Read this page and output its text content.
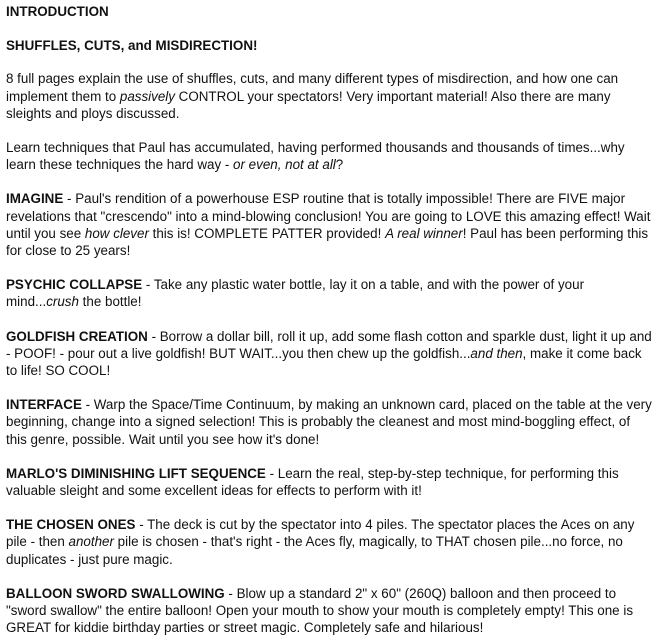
INTRODUCTION

SHUFFLES, CUTS, and MISDIRECTION!

8 full pages explain the use of shuffles, cuts, and many different types of misdirection, and how one can implement them to passively CONTROL your spectators! Very important material! Also there are many sleights and ploys discussed.

Learn techniques that Paul has accumulated, having performed thousands and thousands of times...why learn these techniques the hard way - or even, not at all?

IMAGINE - Paul's rendition of a powerhouse ESP routine that is totally impossible! There are FIVE major revelations that "crescendo" into a mind-blowing conclusion! You are going to LOVE this amazing effect! Wait until you see how clever this is! COMPLETE PATTER provided! A real winner! Paul has been performing this for close to 25 years!

PSYCHIC COLLAPSE - Take any plastic water bottle, lay it on a table, and with the power of your mind...crush the bottle!

GOLDFISH CREATION - Borrow a dollar bill, roll it up, add some flash cotton and sparkle dust, light it up and - POOF! - pour out a live goldfish! BUT WAIT...you then chew up the goldfish...and then, make it come back to life! SO COOL!

INTERFACE - Warp the Space/Time Continuum, by making an unknown card, placed on the table at the very beginning, change into a signed selection! This is probably the cleanest and most mind-boggling effect, of this genre, possible. Wait until you see how it's done!

MARLO'S DIMINISHING LIFT SEQUENCE - Learn the real, step-by-step technique, for performing this valuable sleight and some excellent ideas for effects to perform with it!

THE CHOSEN ONES - The deck is cut by the spectator into 4 piles. The spectator places the Aces on any pile - then another pile is chosen - that's right - the Aces fly, magically, to THAT chosen pile...no force, no duplicates - just pure magic.

BALLOON SWORD SWALLOWING - Blow up a standard 2" x 60" (260Q) balloon and then proceed to "sword swallow" the entire balloon! Open your mouth to show your mouth is completely empty! This one is GREAT for kiddie birthday parties or street magic. Completely safe and hilarious!
